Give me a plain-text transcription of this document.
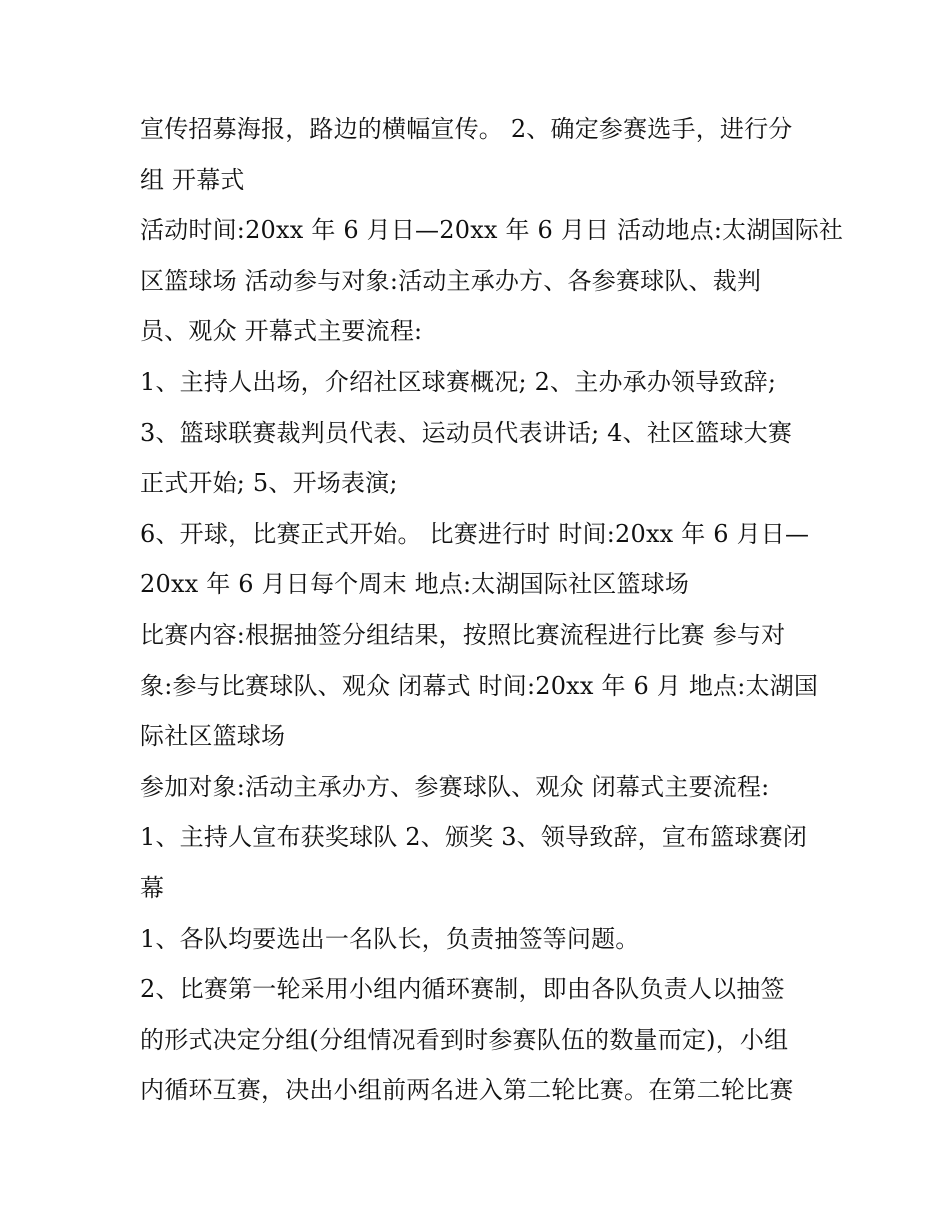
宣传招募海报，路边的横幅宣传。 2、确定参赛选手，进行分
组 开幕式
活动时间:20xx 年 6 月日—20xx 年 6 月日 活动地点:太湖国际社
区篮球场 活动参与对象:活动主承办方、各参赛球队、裁判
员、观众 开幕式主要流程:
1、主持人出场，介绍社区球赛概况; 2、主办承办领导致辞;
3、篮球联赛裁判员代表、运动员代表讲话; 4、社区篮球大赛
正式开始; 5、开场表演;
6、开球，比赛正式开始。 比赛进行时 时间:20xx 年 6 月日—
20xx 年 6 月日每个周末 地点:太湖国际社区篮球场
比赛内容:根据抽签分组结果，按照比赛流程进行比赛 参与对
象:参与比赛球队、观众 闭幕式 时间:20xx 年 6 月 地点:太湖国
际社区篮球场
参加对象:活动主承办方、参赛球队、观众 闭幕式主要流程:
1、主持人宣布获奖球队 2、颁奖 3、领导致辞，宣布篮球赛闭
幕
1、各队均要选出一名队长，负责抽签等问题。
2、比赛第一轮采用小组内循环赛制，即由各队负责人以抽签
的形式决定分组(分组情况看到时参赛队伍的数量而定)，小组
内循环互赛，决出小组前两名进入第二轮比赛。在第二轮比赛
